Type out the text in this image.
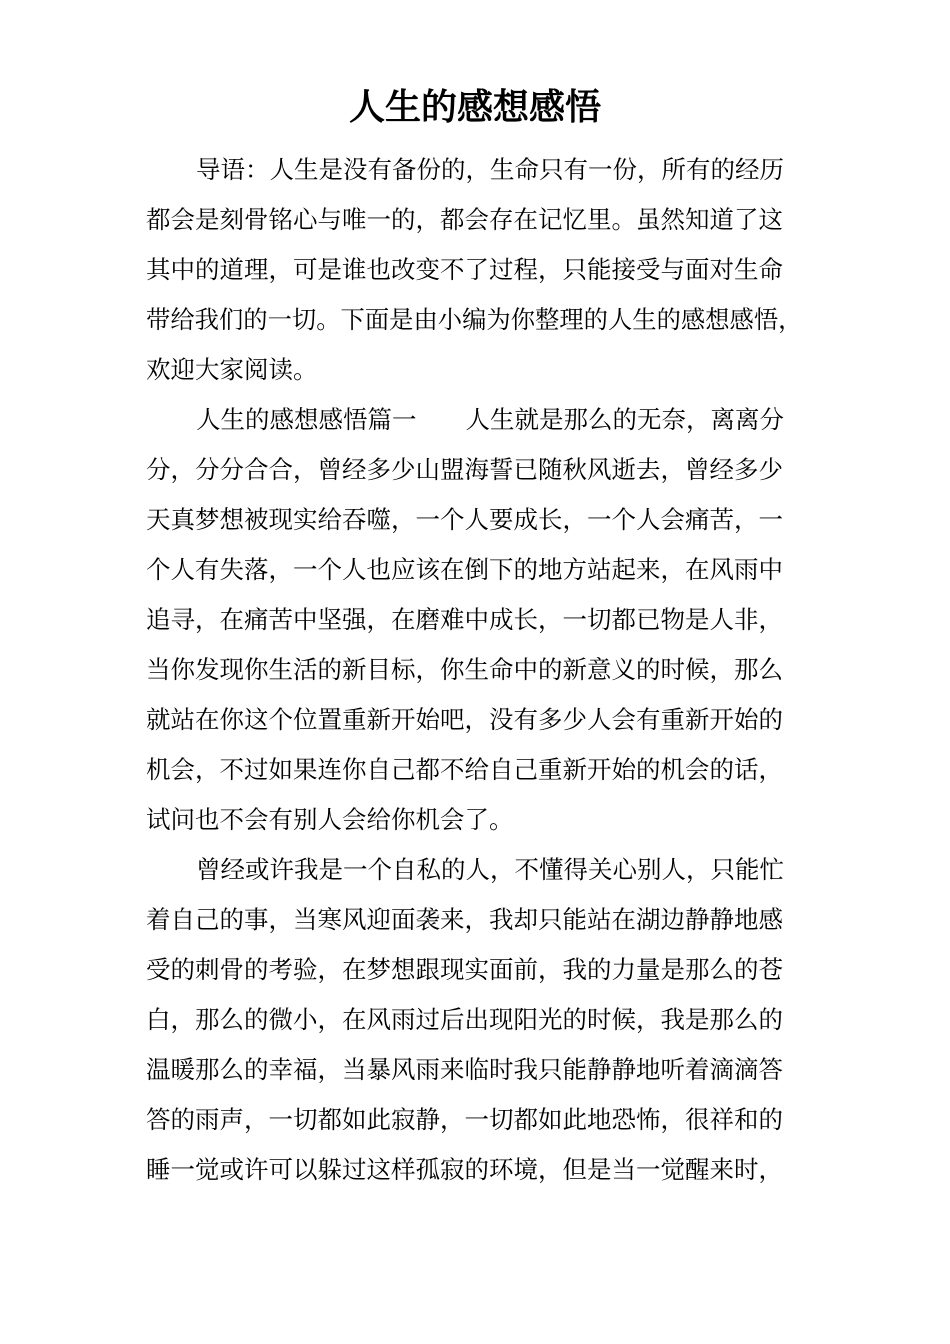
人生的感想感悟
导语：人生是没有备份的，生命只有一份，所有的经历
都会是刻骨铭心与唯一的，都会存在记忆里。虽然知道了这
其中的道理，可是谁也改变不了过程，只能接受与面对生命
带给我们的一切。下面是由小编为你整理的人生的感想感悟，
欢迎大家阅读。
人生的感想感悟篇一　　人生就是那么的无奈，离离分
分，分分合合，曾经多少山盟海誓已随秋风逝去，曾经多少
天真梦想被现实给吞噬，一个人要成长，一个人会痛苦，一
个人有失落，一个人也应该在倒下的地方站起来，在风雨中
追寻，在痛苦中坚强，在磨难中成长，一切都已物是人非，
当你发现你生活的新目标，你生命中的新意义的时候，那么
就站在你这个位置重新开始吧，没有多少人会有重新开始的
机会，不过如果连你自己都不给自己重新开始的机会的话，
试问也不会有别人会给你机会了。
曾经或许我是一个自私的人，不懂得关心别人，只能忙
着自己的事，当寒风迎面袭来，我却只能站在湖边静静地感
受的刺骨的考验，在梦想跟现实面前，我的力量是那么的苍
白，那么的微小，在风雨过后出现阳光的时候，我是那么的
温暖那么的幸福，当暴风雨来临时我只能静静地听着滴滴答
答的雨声，一切都如此寂静，一切都如此地恐怖，很祥和的
睡一觉或许可以躲过这样孤寂的环境，但是当一觉醒来时，
